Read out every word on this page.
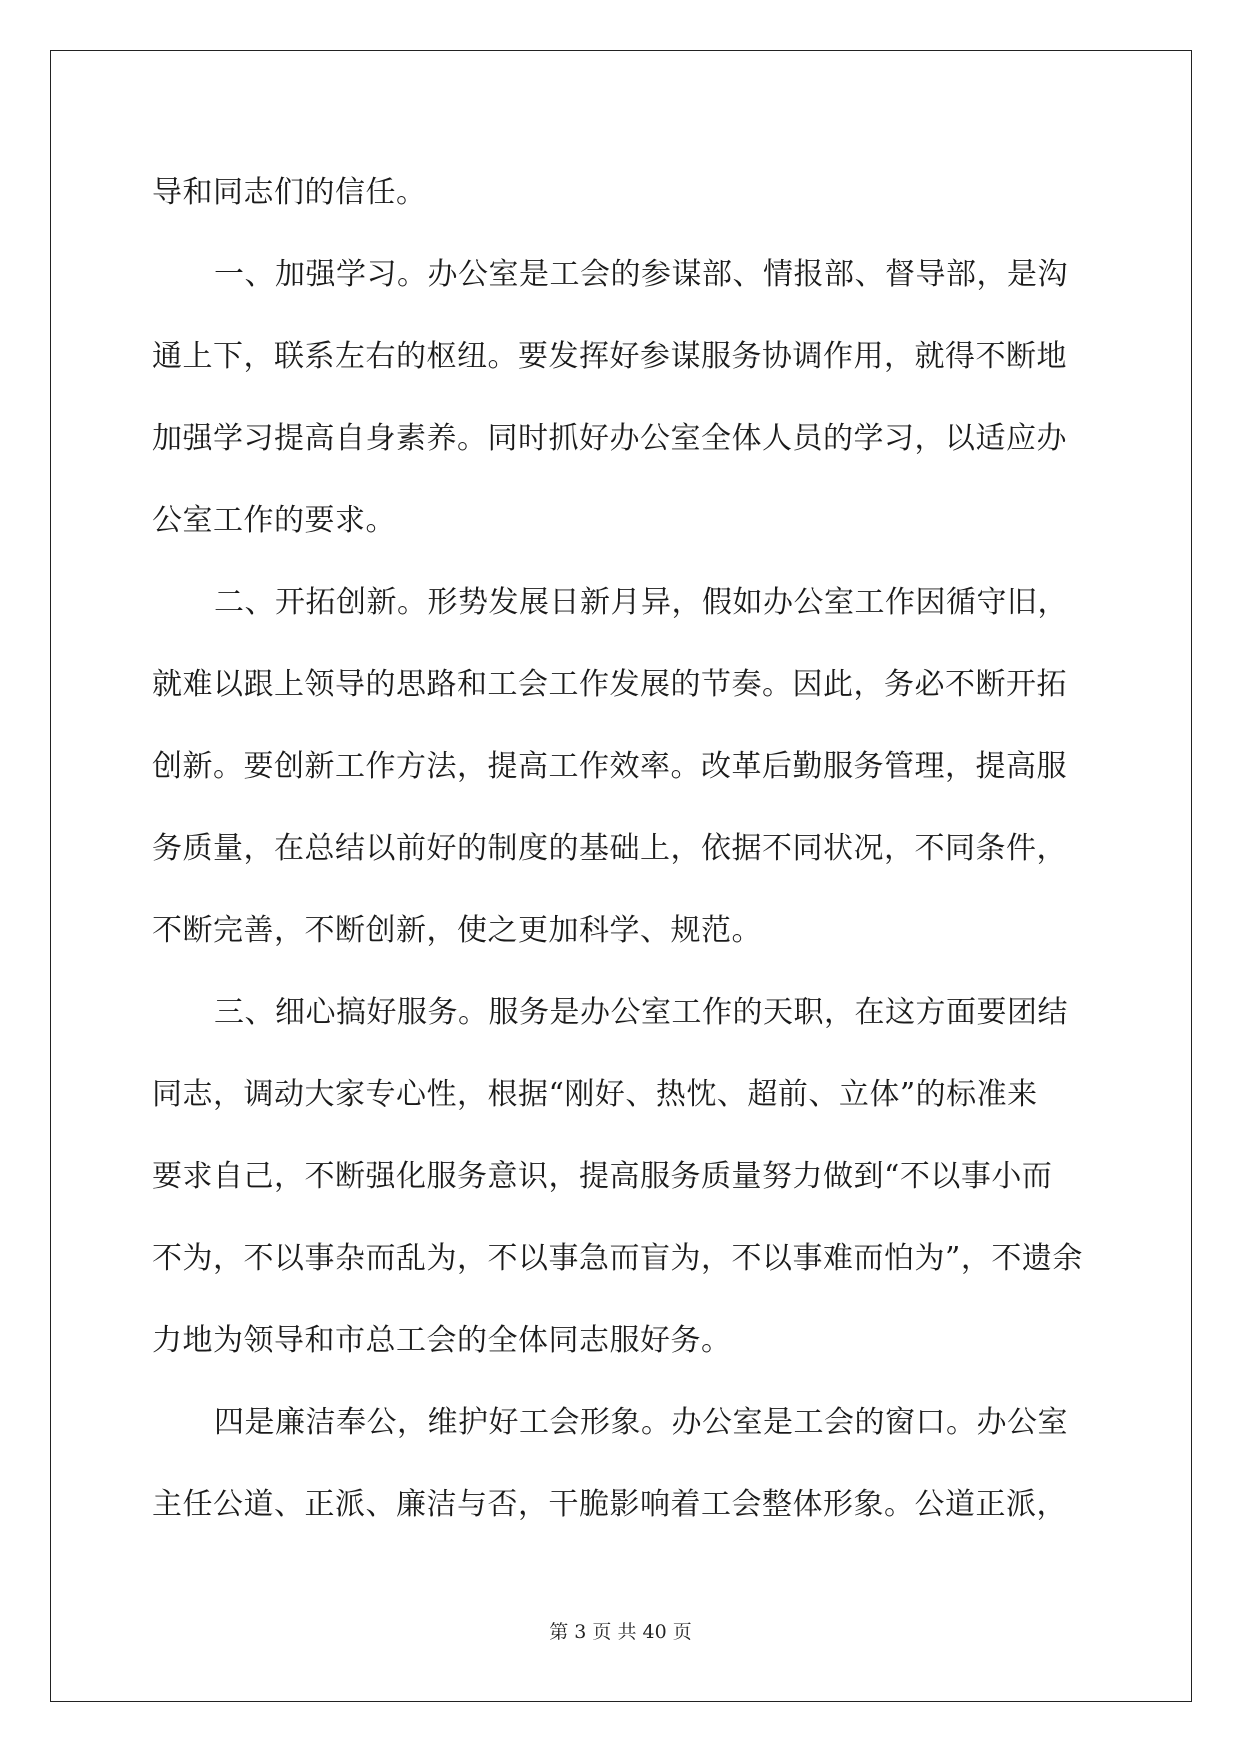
导和同志们的信任。
一、加强学习。办公室是工会的参谋部、情报部、督导部，是沟
通上下，联系左右的枢纽。要发挥好参谋服务协调作用，就得不断地
加强学习提高自身素养。同时抓好办公室全体人员的学习，以适应办
公室工作的要求。
二、开拓创新。形势发展日新月异，假如办公室工作因循守旧，
就难以跟上领导的思路和工会工作发展的节奏。因此，务必不断开拓
创新。要创新工作方法，提高工作效率。改革后勤服务管理，提高服
务质量，在总结以前好的制度的基础上，依据不同状况，不同条件，
不断完善，不断创新，使之更加科学、规范。
三、细心搞好服务。服务是办公室工作的天职，在这方面要团结
同志，调动大家专心性，根据“刚好、热忱、超前、立体”的标准来
要求自己，不断强化服务意识，提高服务质量努力做到“不以事小而
不为，不以事杂而乱为，不以事急而盲为，不以事难而怕为”，不遗余
力地为领导和市总工会的全体同志服好务。
四是廉洁奉公，维护好工会形象。办公室是工会的窗口。办公室
主任公道、正派、廉洁与否，干脆影响着工会整体形象。公道正派，
第 3 页 共 40 页
